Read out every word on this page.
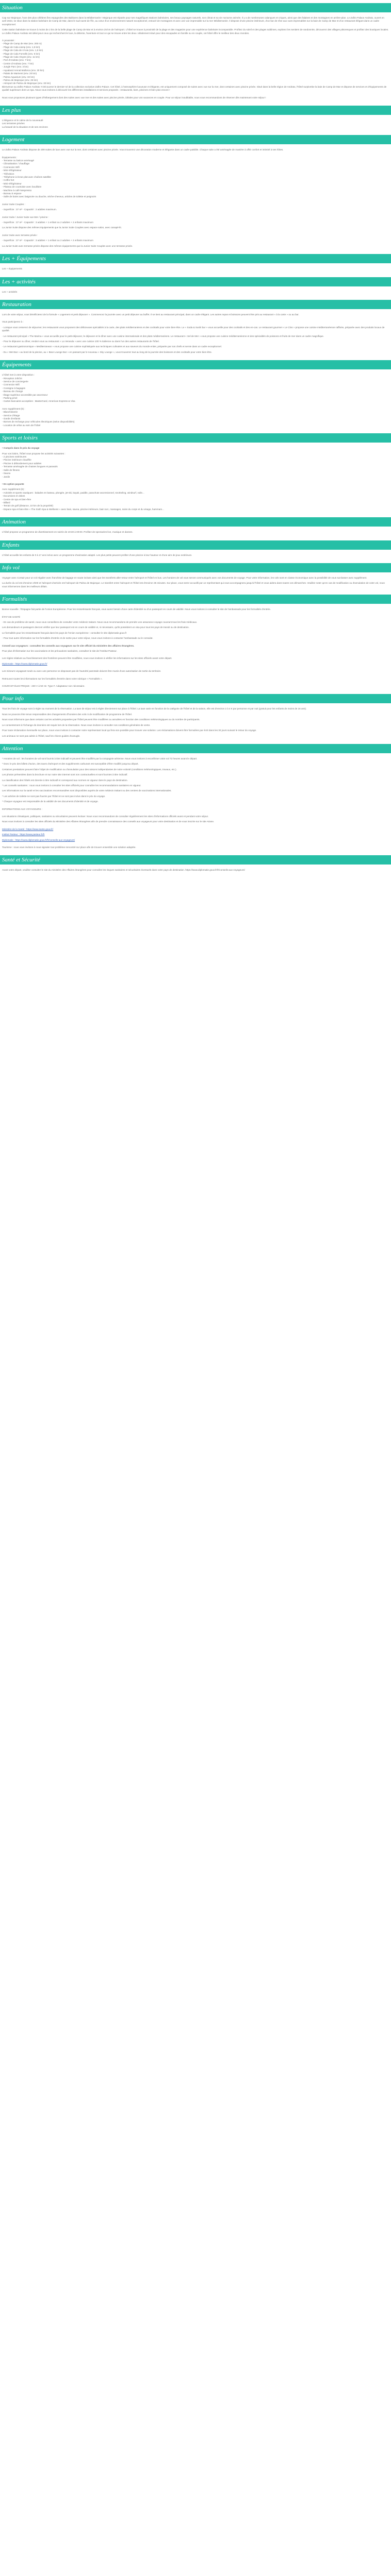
Situation

Cap sur Majorque, l'une des plus célèbres îles espagnoles des Baléares dans la Méditerranée ! Majorque est réputée pour ses magnifiques stations balnéaires, ses beaux paysages naturels, son climat et sa vie nocturne animée. Il y a de nombreuses calanques et criques, ainsi que des falaises et des montagnes en arrière-plan. Le Zafiro Palace Andratx, ouvert en avril 2023, se situe dans la station balnéaire de Camp de Mar, dans le sud-ouest de l'île, au cœur d'un environnement naturel exceptionnel, entouré de montagnes et avec une vue imprenable sur la mer Méditerranée. Il dispose d'une piscine intérieure, d'un bar de rêve aux vues imprenables sur la baie de Camp de Mar et d'un restaurant élégant dans un cadre exceptionnel.

Cette station balnéaire se trouve à moins de 2 km de la belle plage de Camp de Mar et à environ 25 km de l'aéroport. L'hôtel se trouve à proximité de la plage et des magasins pour une expérience balnéaire incomparable. Profitez du soleil et des plages sublimes, explorez les sentiers de randonnée, découvrez des villages pittoresques et profitez des boutiques locales. Le Zafiro Palace Andratx est idéal pour ceux qui recherchent le luxe, la détente, l'aventure et tout ce qui se trouve entre les deux. Idéalement situé pour des escapades en famille ou en couple, cet hôtel offre le meilleur des deux mondes.

À proximité :
- Plage de Camp de Mar (env. 200 m)
- Plage de Cala Llamp (env. 1,5 km)
- Plage de Cala de s'Avia (env. 1,5 km)
- Plage de Cala Fornells (env. 5 km)
- Plage de Cala Vinyes (env. 11 km)
- Port d'Andratx (env. 7 km)
- Centre d'Andratx (env. 7 km)
- Jungle Parc (env. 3 km)
- Aqualand Arenal Mallorca (env. 30 km)
- Palais de Marivent (env. 20 km)
- Palma Aquarium (env. 32 km)
- Palma de Majorque (env. 25 km)
- Aéroport de Palma de Majorque (env. 33 km)
Bienvenue au Zafiro Palace Andratx !! Découvrez le dernier-né de la collection exclusive Zafiro Palace. Cet hôtel, à l'atmosphère luxueuse et élégante, est uniquement composé de suites avec vue sur la mer, dont certaines avec piscine privée. Situé dans la belle région de Andratx, l'hôtel surplombe la baie de Camp de Mar et dispose de services et d'équipements de qualité supérieure dont un spa. Nous vous invitons à découvrir les différentes installations et services proposés : restaurants, bars, piscines et bien plus encore !

Nous vous proposons plusieurs types d'hébergement dont des suites avec vue mer et des suites avec piscine privée, idéales pour vos vacances en couple. Pour un séjour inoubliable, nous vous recommandons de réserver dès maintenant votre séjour !

Les plus
L'élégance et le calme de la nouveauté
Les terrasses privées
La beauté de la situation et de ses environs
Logement

Le Zafiro Palace Andratx dispose de 209 suites de luxe avec vue sur la mer, dont certaines avec piscine privée. Vous trouverez une décoration moderne et élégante dans un cadre paisible. Chaque suite a été aménagée de manière à offrir confort et intimité à ses hôtes.

Équipements :
- Terrasse ou balcon aménagé
- Climatisation / chauffage
- Connexion Wifi
- Mini-réfrigérateur
- Télévision
- Téléphone à écran plat avec chaînes satellite
- Coffre-fort
- Mini-réfrigérateur
- Plateau de courtoisie avec bouilloire
- Machine à café Nespresso
- Bureau à espace
- Salle de bains avec baignoire ou douche, sèche-cheveux, articles de toilette et peignoirs

Junior Suite Couples :

- Superficie : 37 m² - Capacité : 2 adultes maximum.

Junior Suite / Junior Suite vue Mer / piscine :

- Superficie : 37 m² - Capacité : 3 adultes + 1 enfant ou 2 adultes + 2 enfants maximum

La Junior Suite dispose des mêmes équipements que la Junior Suite Couples avec espace salon, avec canapé-lit.

Junior Suite avec terrasse privée :

- Superficie : 37 m² - Capacité : 3 adultes + 1 enfant ou 2 adultes + 2 enfants maximum

La Junior Suite avec terrasse privée dispose des mêmes équipements que la Junior Suite Couples avec une terrasse privée.

Les + Équipements

Les + équipements

Les + activités

Les + activités

Restauration

Lors de votre séjour, vous bénéficierez de la formule « Logement et petit déjeuner ». Commencez la journée avec un petit déjeuner au buffet. Il se tient au restaurant principal, dans un cadre élégant. Les autres repas et boissons peuvent être pris au restaurant « à la carte » ou au bar.

Vous participerez à :

- Lorsque vous cesserez de séjourner, les restaurants vous proposent des délicieuses spécialités à la carte, des plats méditerranéens et des cocktails pour votre bien-être. Le « Soda & Sushi bar » vous accueille pour des cocktails et des en-cas. Le restaurant gourmet « Le Clos » propose une cuisine méditerranéenne raffinée, préparée avec des produits locaux de qualité.

- Le restaurant principal « The Marina » vous accueille pour le petit-déjeuner, le déjeuner et le dîner avec une cuisine internationale et des plats méditerranéens. Le restaurant « Sel de Mer » vous propose une cuisine méditerranéenne et des spécialités de poissons et fruits de mer dans un cadre magnifique.

- Pour le déjeuner ou dîner, rendez-vous au restaurant « La Veranda » avec une cuisine 100 % italienne ou dans l'un des autres restaurants de l'hôtel.

- Le restaurant gastronomique « Mediterranean » vous propose une cuisine sophistiquée aux techniques culinaires et aux saveurs du monde entier, préparée par nos chefs et servie dans un cadre exceptionnel.

- Du « Wet Bar » au bord de la piscine, au « Bear Lounge Bar » en passant par le nouveau « Sky Lounge », vous trouverez tout au long de la journée des boissons et des cocktails pour votre bien-être.

Équipements
L'hôtel met à votre disposition :
- Réception 24h/24
- Service de conciergerie
- Connexion Wifi
- Consigne à bagages
- Bureau de change
- Étage supérieur accessible par ascenseur
- Parking privé
- Cartes bancaires acceptées : MasterCard, American Express & Visa
Avec supplément (€) :
- Blanchisserie
- Service d'étage
- Garde d'enfants
- Bornes de recharge pour véhicules électriques (selon disponibilités)
- Location de vélos au sein de l'hôtel
Sports et loisirs

• Compris dans le prix du voyage

Pour vos loisirs, l'hôtel vous propose les activités suivantes :
- 2 piscines extérieures
- Piscine intérieure chauffée
- Piscine à débordement pour adultes
- Terrasse aménagée de chaises longues et parasols
- Salle de fitness
- Sauna
- Jardin

• En option payante

Avec supplément (€) :
- Activités et sports nautiques : balades en bateau, plongée, jet-ski, kayak, paddle, parachute ascensionnel, snorkeling, windsurf, voile...
- Excursions et visites
- Centre de spa et bien-être
- Billard
- Terrain de golf (distance, 10 km de la propriété)
- Espace spa et bien-être « The Sixth Spa & Wellness » avec bain, sauna, piscine intérieure, bain turc, massages, soins du corps et du visage, hammam...
Animation

L'hôtel propose un programme de divertissement en soirée de 19:30 à 00:00. Profitez de spectacles live, musique et danses.

Enfants

L'hôtel accueille les enfants de 0 à 17 ans inclus avec un programme d'animation adapté. Les plus petits peuvent profiter d'une piscine à leur hauteur et d'une aire de jeux extérieure.

Info vol

Voyager avec Corsair pour un vol régulier avec franchise de bagage en soute incluse ainsi que les transferts aller-retour entre l'aéroport et l'hôtel en bus. Les horaires de vol vous seront communiqués avec vos documents de voyage. Pour votre information, les vols sont en classe économique avec la possibilité de vous surclasser avec supplément.

La durée du vol est d'environ 2h00 et l'aéroport d'arrivée est l'aéroport de Palma de Majorque. Le transfert entre l'aéroport et l'hôtel est d'environ 35 minutes. Sur place, vous serez accueilli par un représentant qui vous accompagnera jusqu'à l'hôtel et vous aidera dans toutes vos démarches. Veuillez noter qu'en cas de modification ou d'annulation de votre vol, nous vous informerons dans les meilleurs délais.

Formalités

Bonne nouvelle : l'Espagne fait partie de l'Union Européenne. Pour les ressortissants français, vous aurez besoin d'une carte d'identité ou d'un passeport en cours de validité. Nous vous invitons à consulter le site de l'ambassade pour les formalités d'entrée.

ÉTAT DE SANTÉ

- En cas de problème de santé, nous vous conseillons de consulter votre médecin traitant. Nous vous recommandons de prendre une assurance voyage couvrant tous les frais médicaux.

Les demandeurs et passagers devront vérifier que leur passeport est en cours de validité et, si nécessaire, qu'ils possèdent un visa pour tous les pays de transit ou de destination.

Le formalités pour les ressortissants français dans les pays de l'Union européenne : consultez le site diplomatie.gouv.fr

- Pour tout autre information sur les formalités d'entrée et de sortie pour votre séjour, nous vous invitons à contacter l'ambassade ou le consulat.

Conseil aux voyageurs : consultez les conseils aux voyageurs sur le site officiel du ministère des affaires étrangères.

Pour plus d'information sur les vaccinations et les précautions sanitaires, consultez le site de l'Institut Pasteur.

Les règles relatives au franchissement des frontières peuvent être modifiées, nous vous invitons à vérifier les informations sur les sites officiels avant votre départ.

Diplomatie : https://www.diplomatie.gouv.fr/

Les mineurs voyageant seuls ou avec une personne ne disposant pas de l'autorité parentale doivent être munis d'une autorisation de sortie du territoire.

Retrouvez toutes les informations sur les formalités d'entrée dans notre rubrique « Formalités ».

COURANT ÉLECTRIQUE : 230 V à 50 Hz. Type F. Adaptateur non nécessaire.

Pour info

Tous les frais de voyage sont à régler au moment de la réservation. La taxe de séjour est à régler directement sur place à l'hôtel. La taxe varie en fonction de la catégorie de l'hôtel et de la saison, elle est d'environ 2 à 4 € par personne et par nuit (gratuit pour les enfants de moins de 16 ans).

Nous ne pouvons être tenus responsables des changements d'horaires des vols ni de modification de programme de l'hôtel.

Nous vous informons que dans certains cas les activités proposées par l'hôtel peuvent être modifiées ou annulées en fonction des conditions météorologiques ou du nombre de participants.

Le consentement à l'échange de données est requis lors de la réservation. Nous vous invitons à consulter nos conditions générales de vente.

Pour toute réclamation éventuelle sur place, nous vous invitons à contacter notre représentant local qui fera son possible pour trouver une solution. Les réclamations doivent être formulées par écrit dans les 30 jours suivant le retour du voyage.

Les animaux ne sont pas admis à l'hôtel, sauf les chiens guides d'aveugle.

Attention

* Horaires de vol : les horaires de vol sont fournis à titre indicatif et peuvent être modifiés par la compagnie aérienne. Nous vous invitons à reconfirmer votre vol 72 heures avant le départ.

* Donc le prix des billets d'avion, des taxes d'aéroport et des suppléments carburant est susceptible d'être modifié jusqu'au départ.

Certaines prestations peuvent faire l'objet de modification ou d'annulation pour des raisons indépendantes de notre volonté (conditions météorologiques, travaux, etc.).

Les photos présentées dans la brochure et sur notre site internet sont non contractuelles et sont fournies à titre indicatif.

La classification des hôtels est donnée à titre indicatif et correspond aux normes en vigueur dans le pays de destination.

* Les conseils sanitaires : nous vous invitons à consulter les sites officiels pour connaître les recommandations sanitaires en vigueur.

Les informations sur la santé et les vaccinations recommandées sont disponibles auprès de votre médecin traitant ou des centres de vaccinations internationales.

* Les articles de toilette ne sont pas fournis par l'hôtel et ne sont pas inclus dans le prix du voyage.

* Chaque voyageur est responsable de la validité de ses documents d'identité et de voyage.

INFORMATIONS AUX VOYAGEURS :

Les situations climatiques, politiques, sanitaires ou sécuritaires peuvent évoluer. Nous vous recommandons de consulter régulièrement les sites d'informations officiels avant et pendant votre séjour.

Nous vous invitons à consulter les sites officiels du Ministère des Affaires étrangères afin de prendre connaissance des conseils aux voyageurs pour votre destination et de vous inscrire sur le site Ariane.

Ministère de la Santé : https://www.sante.gouv.fr/

Institut Pasteur : https://www.pasteur.fr/fr

Diplomatie : https://www.diplomatie.gouv.fr/fr/conseils-aux-voyageurs/

Tourisme : nous vous invitons à nous signaler tout problème rencontré sur place afin de trouver ensemble une solution adaptée.

Santé et Sécurité

Avant votre départ, veuillez consulter le site du ministère des Affaires étrangères pour connaître les risques sanitaires et sécuritaires éventuels dans votre pays de destination. https://www.diplomatie.gouv.fr/fr/conseils-aux-voyageurs/
